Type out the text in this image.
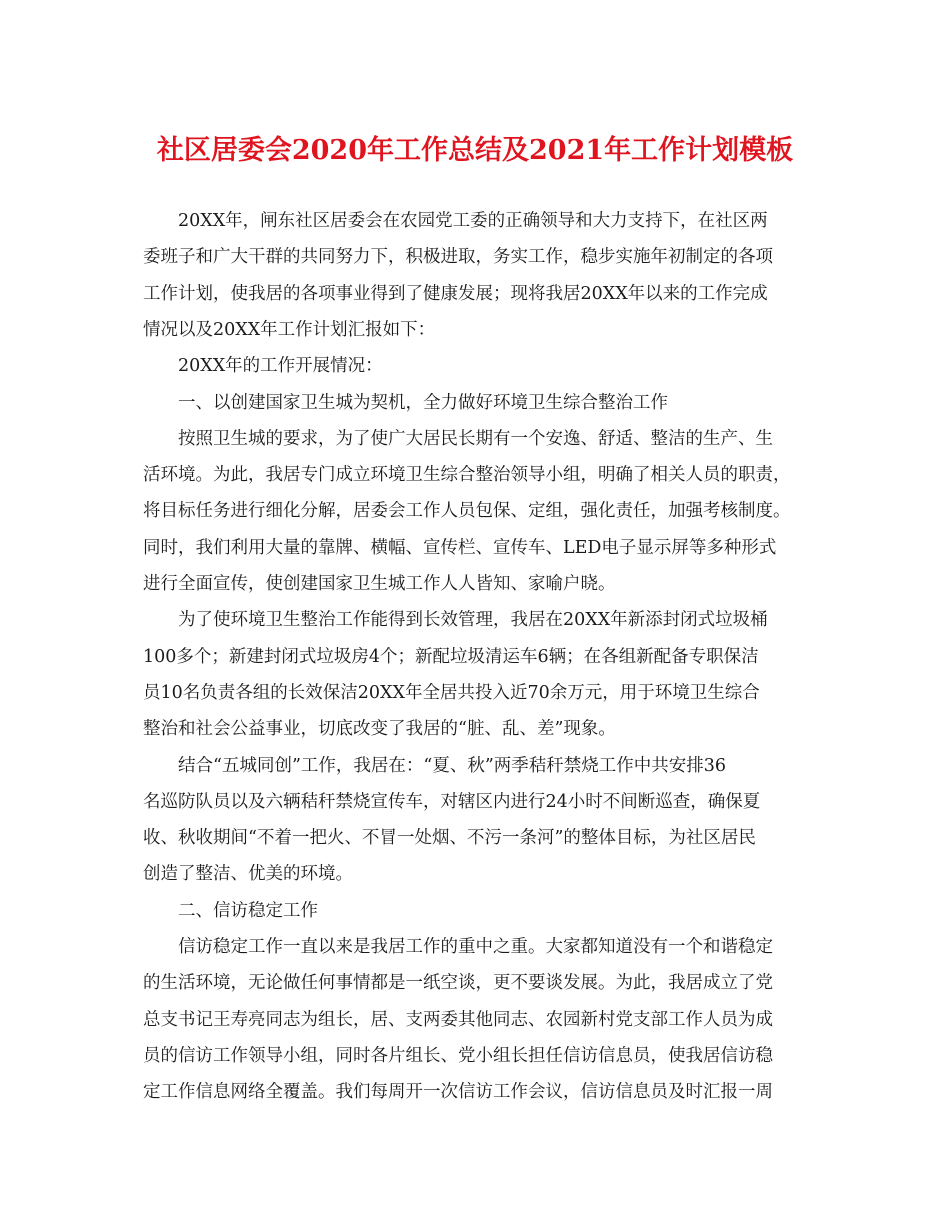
社区居委会2020年工作总结及2021年工作计划模板

20XX年，闸东社区居委会在农园党工委的正确领导和大力支持下，在社区两

委班子和广大干群的共同努力下，积极进取，务实工作，稳步实施年初制定的各项

工作计划，使我居的各项事业得到了健康发展；现将我居20XX年以来的工作完成

情况以及20XX年工作计划汇报如下：

20XX年的工作开展情况：

一、以创建国家卫生城为契机，全力做好环境卫生综合整治工作

按照卫生城的要求，为了使广大居民长期有一个安逸、舒适、整洁的生产、生

活环境。为此，我居专门成立环境卫生综合整治领导小组，明确了相关人员的职责，

将目标任务进行细化分解，居委会工作人员包保、定组，强化责任，加强考核制度。

同时，我们利用大量的靠牌、横幅、宣传栏、宣传车、LED电子显示屏等多种形式

进行全面宣传，使创建国家卫生城工作人人皆知、家喻户晓。

为了使环境卫生整治工作能得到长效管理，我居在20XX年新添封闭式垃圾桶

100多个；新建封闭式垃圾房4个；新配垃圾清运车6辆；在各组新配备专职保洁

员10名负责各组的长效保洁20XX年全居共投入近70余万元，用于环境卫生综合

整治和社会公益事业，切底改变了我居的“脏、乱、差”现象。

结合“五城同创”工作，我居在：“夏、秋”两季秸秆禁烧工作中共安排36

名巡防队员以及六辆秸秆禁烧宣传车，对辖区内进行24小时不间断巡查，确保夏

收、秋收期间“不着一把火、不冒一处烟、不污一条河”的整体目标，为社区居民

创造了整洁、优美的环境。

二、信访稳定工作

信访稳定工作一直以来是我居工作的重中之重。大家都知道没有一个和谐稳定

的生活环境，无论做任何事情都是一纸空谈，更不要谈发展。为此，我居成立了党

总支书记王寿亮同志为组长，居、支两委其他同志、农园新村党支部工作人员为成

员的信访工作领导小组，同时各片组长、党小组长担任信访信息员，使我居信访稳

定工作信息网络全覆盖。我们每周开一次信访工作会议，信访信息员及时汇报一周
